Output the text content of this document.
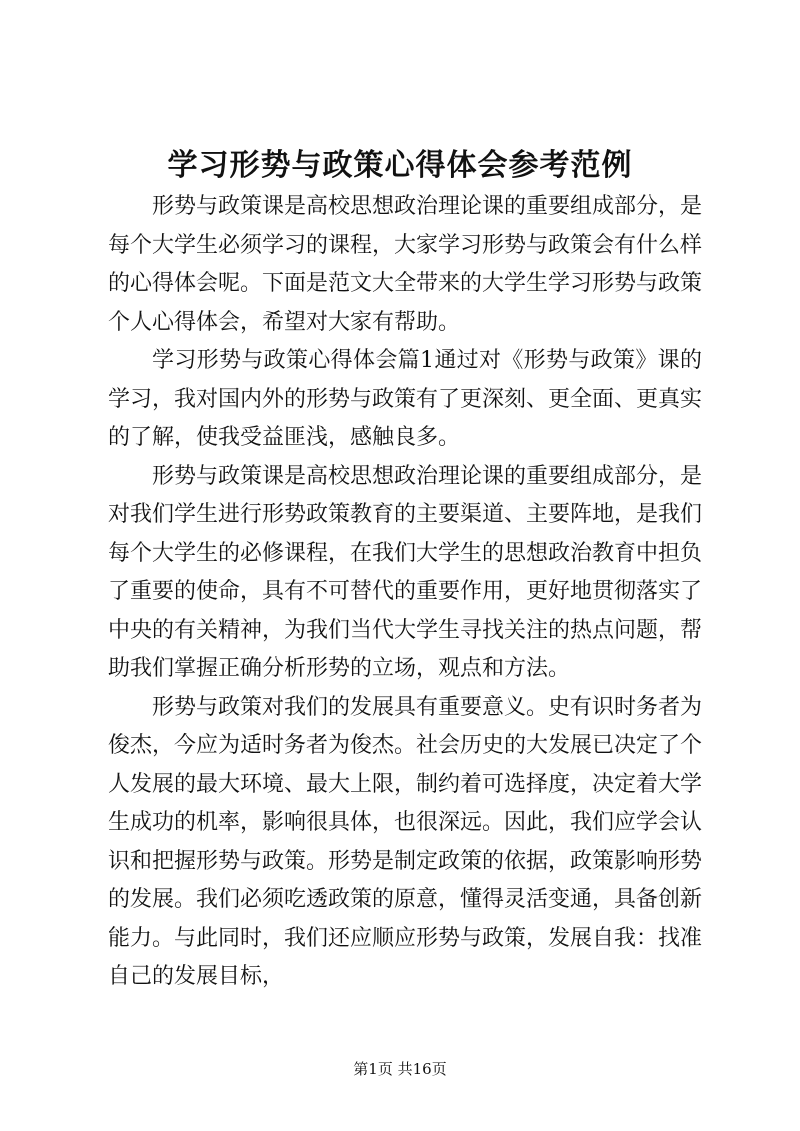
学习形势与政策心得体会参考范例

形势与政策课是高校思想政治理论课的重要组成部分，是每个大学生必须学习的课程，大家学习形势与政策会有什么样的心得体会呢。下面是范文大全带来的大学生学习形势与政策个人心得体会，希望对大家有帮助。

学习形势与政策心得体会篇1通过对《形势与政策》课的学习，我对国内外的形势与政策有了更深刻、更全面、更真实的了解，使我受益匪浅，感触良多。

形势与政策课是高校思想政治理论课的重要组成部分，是对我们学生进行形势政策教育的主要渠道、主要阵地，是我们每个大学生的必修课程，在我们大学生的思想政治教育中担负了重要的使命，具有不可替代的重要作用，更好地贯彻落实了中央的有关精神，为我们当代大学生寻找关注的热点问题，帮助我们掌握正确分析形势的立场，观点和方法。

形势与政策对我们的发展具有重要意义。史有识时务者为俊杰，今应为适时务者为俊杰。社会历史的大发展已决定了个人发展的最大环境、最大上限，制约着可选择度，决定着大学生成功的机率，影响很具体，也很深远。因此，我们应学会认识和把握形势与政策。形势是制定政策的依据，政策影响形势的发展。我们必须吃透政策的原意，懂得灵活变通，具备创新能力。与此同时，我们还应顺应形势与政策，发展自我：找准自己的发展目标，

第1页 共16页
